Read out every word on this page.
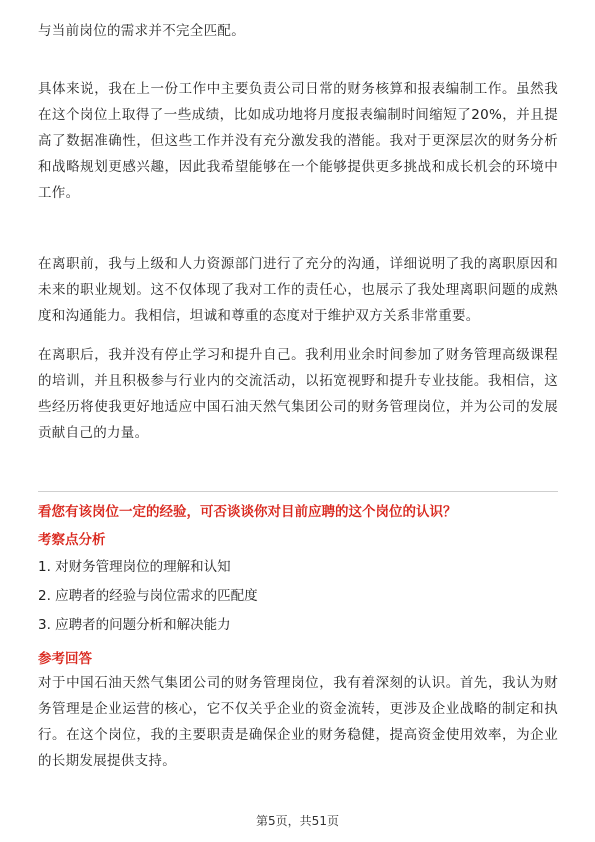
与当前岗位的需求并不完全匹配。

具体来说，我在上一份工作中主要负责公司日常的财务核算和报表编制工作。虽然我在这个岗位上取得了一些成绩，比如成功地将月度报表编制时间缩短了20%，并且提高了数据准确性，但这些工作并没有充分激发我的潜能。我对于更深层次的财务分析和战略规划更感兴趣，因此我希望能够在一个能够提供更多挑战和成长机会的环境中工作。

在离职前，我与上级和人力资源部门进行了充分的沟通，详细说明了我的离职原因和未来的职业规划。这不仅体现了我对工作的责任心，也展示了我处理离职问题的成熟度和沟通能力。我相信，坦诚和尊重的态度对于维护双方关系非常重要。

在离职后，我并没有停止学习和提升自己。我利用业余时间参加了财务管理高级课程的培训，并且积极参与行业内的交流活动，以拓宽视野和提升专业技能。我相信，这些经历将使我更好地适应中国石油天然气集团公司的财务管理岗位，并为公司的发展贡献自己的力量。

看您有该岗位一定的经验，可否谈谈你对目前应聘的这个岗位的认识？
考察点分析
1. 对财务管理岗位的理解和认知
2. 应聘者的经验与岗位需求的匹配度
3. 应聘者的问题分析和解决能力
参考回答

对于中国石油天然气集团公司的财务管理岗位，我有着深刻的认识。首先，我认为财务管理是企业运营的核心，它不仅关乎企业的资金流转，更涉及企业战略的制定和执行。在这个岗位，我的主要职责是确保企业的财务稳健，提高资金使用效率，为企业的长期发展提供支持。

第5页，共51页
